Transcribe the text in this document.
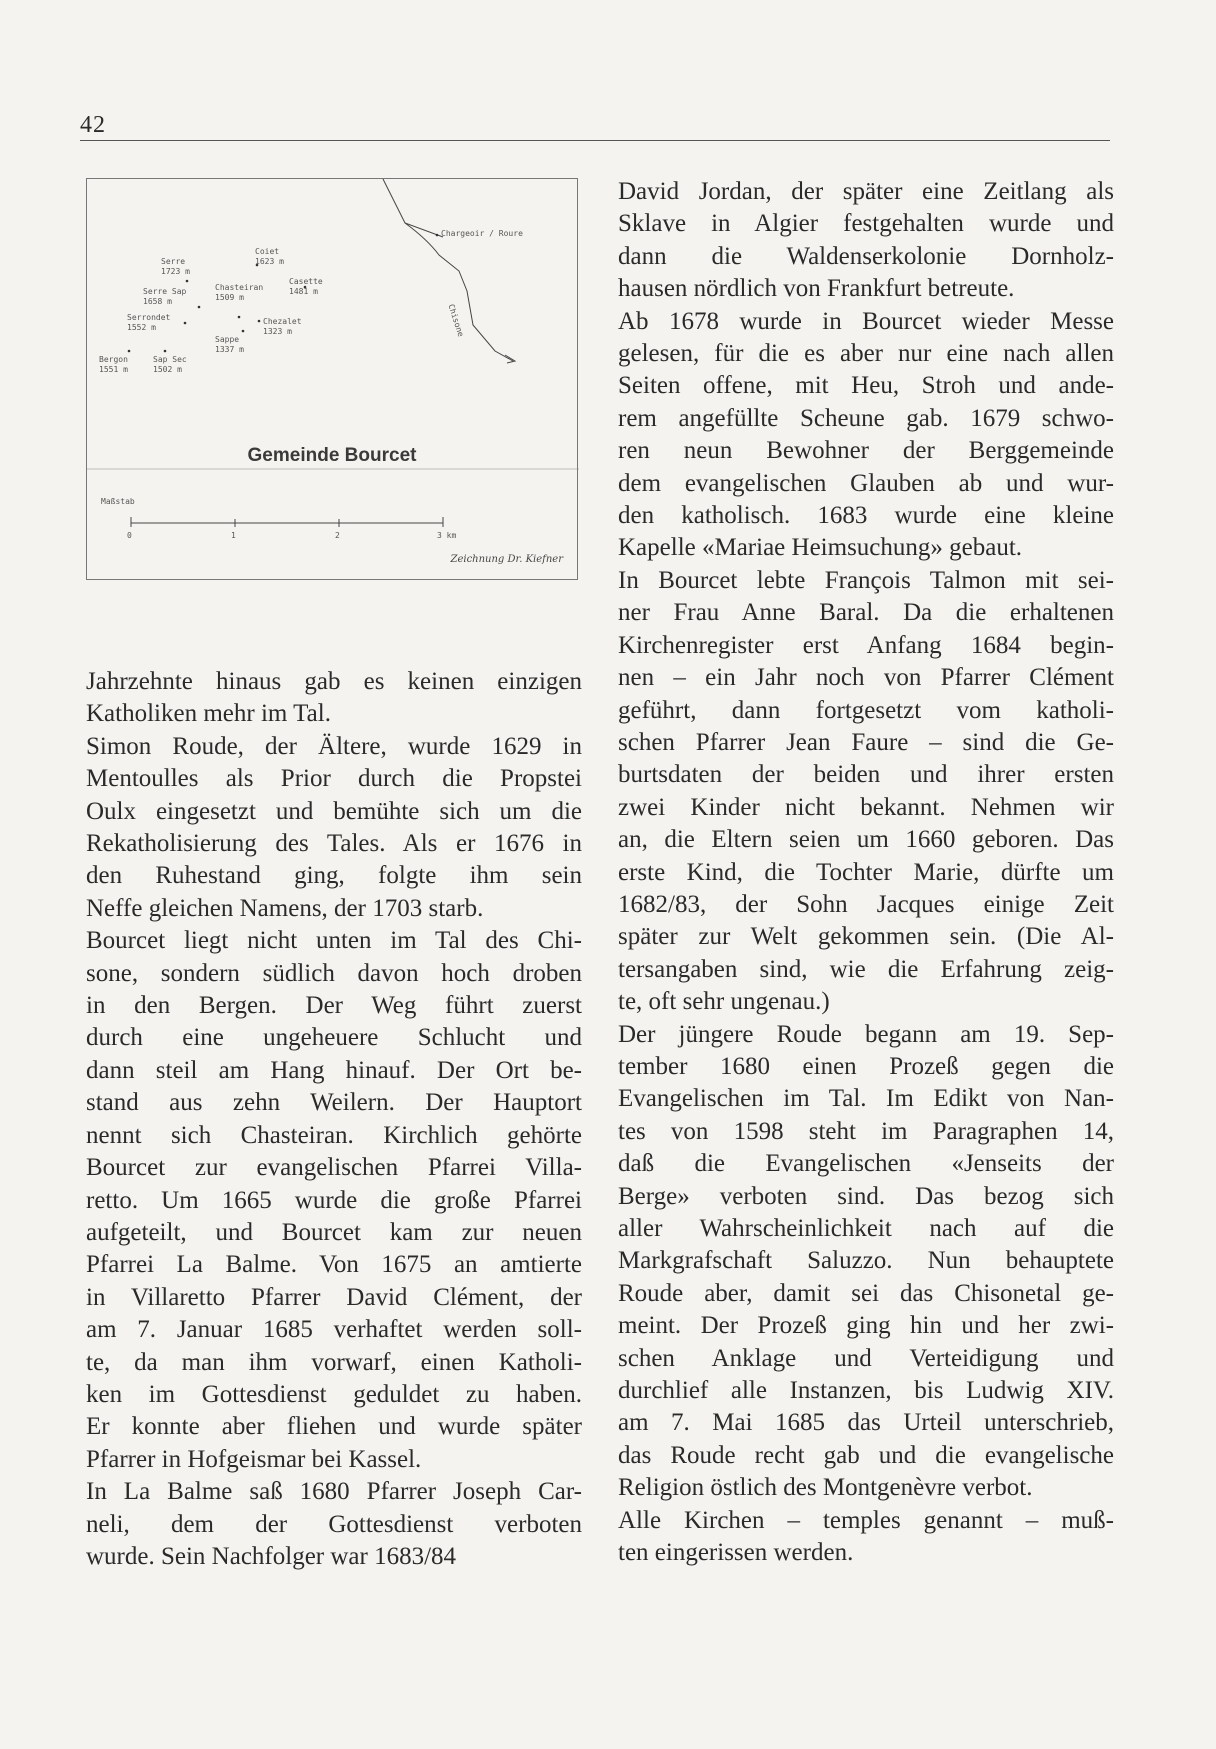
42
Serre
1723 m
Coiet
1623 m
Chargeoir / Roure
Serre Sap
1658 m
Chasteiran
1509 m
Casette
1481 m
Serrondet
1552 m
Chezalet
1323 m
Sappe
1337 m
Bergon
1551 m
Sap Sec
1502 m
Chisone
Gemeinde Bourcet
Maßstab
0	1	2	3 km
Zeichnung Dr. Kiefner
Jahrzehnte hinaus gab es keinen einzigen
Katholiken mehr im Tal.
Simon Roude, der Ältere, wurde 1629 in
Mentoulles als Prior durch die Propstei
Oulx eingesetzt und bemühte sich um die
Rekatholisierung des Tales. Als er 1676 in
den Ruhestand ging, folgte ihm sein
Neffe gleichen Namens, der 1703 starb.
Bourcet liegt nicht unten im Tal des Chi-
sone, sondern südlich davon hoch droben
in den Bergen. Der Weg führt zuerst
durch eine ungeheuere Schlucht und
dann steil am Hang hinauf. Der Ort be-
stand aus zehn Weilern. Der Hauptort
nennt sich Chasteiran. Kirchlich gehörte
Bourcet zur evangelischen Pfarrei Villa-
retto. Um 1665 wurde die große Pfarrei
aufgeteilt, und Bourcet kam zur neuen
Pfarrei La Balme. Von 1675 an amtierte
in Villaretto Pfarrer David Clément, der
am 7. Januar 1685 verhaftet werden soll-
te, da man ihm vorwarf, einen Katholi-
ken im Gottesdienst geduldet zu haben.
Er konnte aber fliehen und wurde später
Pfarrer in Hofgeismar bei Kassel.
In La Balme saß 1680 Pfarrer Joseph Car-
neli, dem der Gottesdienst verboten
wurde. Sein Nachfolger war 1683/84
David Jordan, der später eine Zeitlang als
Sklave in Algier festgehalten wurde und
dann die Waldenserkolonie Dornholz-
hausen nördlich von Frankfurt betreute.
Ab 1678 wurde in Bourcet wieder Messe
gelesen, für die es aber nur eine nach allen
Seiten offene, mit Heu, Stroh und ande-
rem angefüllte Scheune gab. 1679 schwo-
ren neun Bewohner der Berggemeinde
dem evangelischen Glauben ab und wur-
den katholisch. 1683 wurde eine kleine
Kapelle «Mariae Heimsuchung» gebaut.
In Bourcet lebte François Talmon mit sei-
ner Frau Anne Baral. Da die erhaltenen
Kirchenregister erst Anfang 1684 begin-
nen – ein Jahr noch von Pfarrer Clément
geführt, dann fortgesetzt vom katholi-
schen Pfarrer Jean Faure – sind die Ge-
burtsdaten der beiden und ihrer ersten
zwei Kinder nicht bekannt. Nehmen wir
an, die Eltern seien um 1660 geboren. Das
erste Kind, die Tochter Marie, dürfte um
1682/83, der Sohn Jacques einige Zeit
später zur Welt gekommen sein. (Die Al-
tersangaben sind, wie die Erfahrung zeig-
te, oft sehr ungenau.)
Der jüngere Roude begann am 19. Sep-
tember 1680 einen Prozeß gegen die
Evangelischen im Tal. Im Edikt von Nan-
tes von 1598 steht im Paragraphen 14,
daß die Evangelischen «Jenseits der
Berge» verboten sind. Das bezog sich
aller Wahrscheinlichkeit nach auf die
Markgrafschaft Saluzzo. Nun behauptete
Roude aber, damit sei das Chisonetal ge-
meint. Der Prozeß ging hin und her zwi-
schen Anklage und Verteidigung und
durchlief alle Instanzen, bis Ludwig XIV.
am 7. Mai 1685 das Urteil unterschrieb,
das Roude recht gab und die evangelische
Religion östlich des Montgenèvre verbot.
Alle Kirchen – temples genannt – muß-
ten eingerissen werden.
